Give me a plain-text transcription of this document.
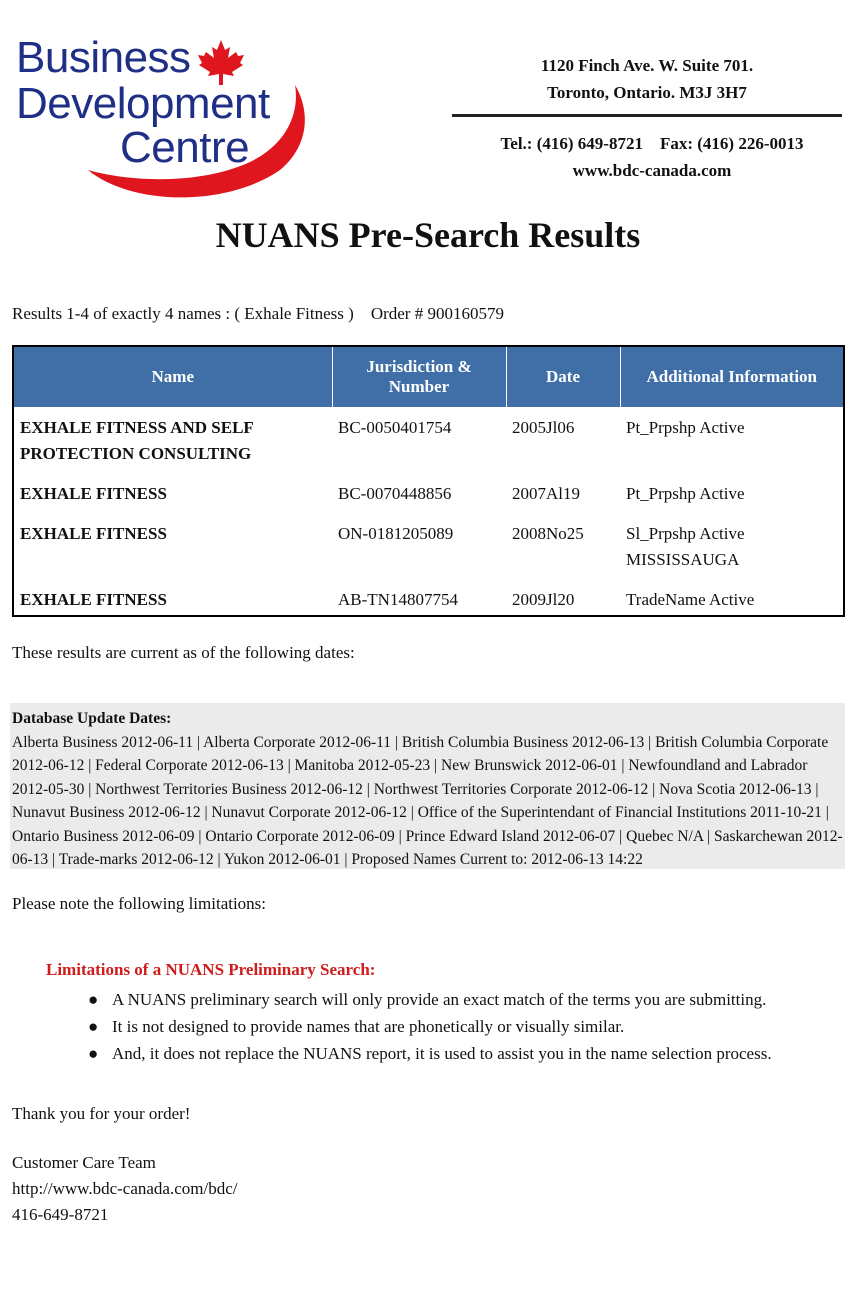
Business
Development
Centre
1120 Finch Ave. W. Suite 701.
Toronto, Ontario. M3J 3H7
Tel.: (416) 649-8721 Fax: (416) 226-0013
www.bdc-canada.com
NUANS Pre-Search Results
Results 1-4 of exactly 4 names : ( Exhale Fitness )    Order # 900160579
Name	Jurisdiction & Number	Date	Additional Information
EXHALE FITNESS AND SELF PROTECTION CONSULTING	BC-0050401754	2005Jl06	Pt_Prpshp Active

EXHALE FITNESS	BC-0070448856	2007Al19	Pt_Prpshp Active

EXHALE FITNESS	ON-0181205089	2008No25	Sl_Prpshp Active
MISSISSAUGA

EXHALE FITNESS	AB-TN14807754	2009Jl20	TradeName Active
These results are current as of the following dates:
Database Update Dates:
Alberta Business 2012-06-11 | Alberta Corporate 2012-06-11 | British Columbia Business 2012-06-13 | British Columbia Corporate 2012-06-12 | Federal Corporate 2012-06-13 | Manitoba 2012-05-23 | New Brunswick 2012-06-01 | Newfoundland and Labrador 2012-05-30 | Northwest Territories Business 2012-06-12 | Northwest Territories Corporate 2012-06-12 | Nova Scotia 2012-06-13 | Nunavut Business 2012-06-12 | Nunavut Corporate 2012-06-12 | Office of the Superintendant of Financial Institutions 2011-10-21 | Ontario Business 2012-06-09 | Ontario Corporate 2012-06-09 | Prince Edward Island 2012-06-07 | Quebec N/A | Saskarchewan 2012-06-13 | Trade-marks 2012-06-12 | Yukon 2012-06-01 | Proposed Names Current to: 2012-06-13 14:22
Please note the following limitations:
Limitations of a NUANS Preliminary Search:
● A NUANS preliminary search will only provide an exact match of the terms you are submitting.
● It is not designed to provide names that are phonetically or visually similar.
● And, it does not replace the NUANS report, it is used to assist you in the name selection process.
Thank you for your order!
Customer Care Team
http://www.bdc-canada.com/bdc/
416-649-8721
